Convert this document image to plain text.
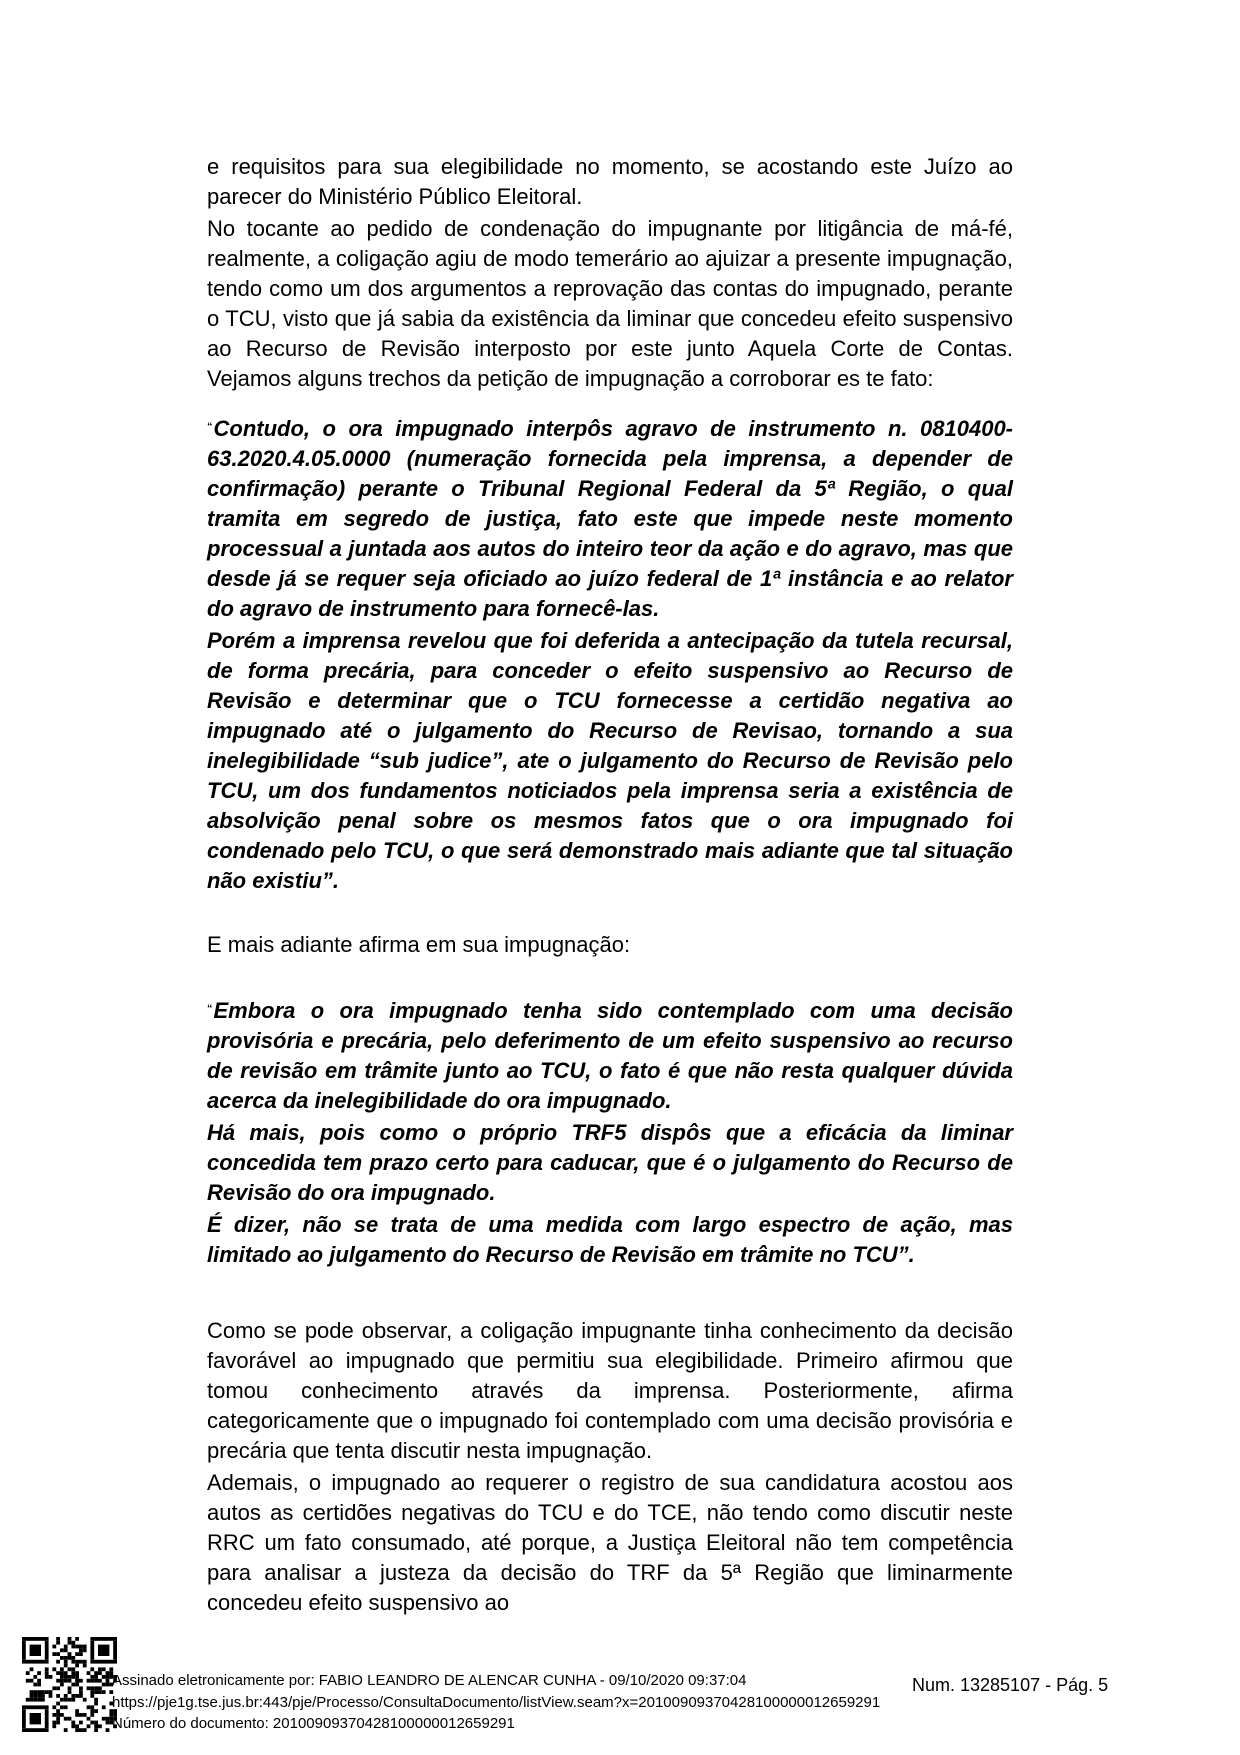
e requisitos para sua elegibilidade no momento, se acostando este Juízo ao parecer do Ministério Público Eleitoral.

No tocante ao pedido de condenação do impugnante por litigância de má-fé, realmente, a coligação agiu de modo temerário ao ajuizar a presente impugnação, tendo como um dos argumentos a reprovação das contas do impugnado, perante o TCU, visto que já sabia da existência da liminar que concedeu efeito suspensivo ao Recurso de Revisão interposto por este junto Aquela Corte de Contas. Vejamos alguns trechos da petição de impugnação a corroborar es te fato:

“Contudo, o ora impugnado interpôs agravo de instrumento n. 0810400-63.2020.4.05.0000 (numeração fornecida pela imprensa, a depender de confirmação) perante o Tribunal Regional Federal da 5ª Região, o qual tramita em segredo de justiça, fato este que impede neste momento processual a juntada aos autos do inteiro teor da ação e do agravo, mas que desde já se requer seja oficiado ao juízo federal de 1ª instância e ao relator do agravo de instrumento para fornecê-las.

Porém a imprensa revelou que foi deferida a antecipação da tutela recursal, de forma precária, para conceder o efeito suspensivo ao Recurso de Revisão e determinar que o TCU fornecesse a certidão negativa ao impugnado até o julgamento do Recurso de Revisao, tornando a sua inelegibilidade “sub judice”, ate o julgamento do Recurso de Revisão pelo TCU, um dos fundamentos noticiados pela imprensa seria a existência de absolvição penal sobre os mesmos fatos que o ora impugnado foi condenado pelo TCU, o que será demonstrado mais adiante que tal situação não existiu”.

E mais adiante afirma em sua impugnação:

“Embora o ora impugnado tenha sido contemplado com uma decisão provisória e precária, pelo deferimento de um efeito suspensivo ao recurso de revisão em trâmite junto ao TCU, o fato é que não resta qualquer dúvida acerca da inelegibilidade do ora impugnado.

Há mais, pois como o próprio TRF5 dispôs que a eficácia da liminar concedida tem prazo certo para caducar, que é o julgamento do Recurso de Revisão do ora impugnado.

É dizer, não se trata de uma medida com largo espectro de ação, mas limitado ao julgamento do Recurso de Revisão em trâmite no TCU”.

Como se pode observar, a coligação impugnante tinha conhecimento da decisão favorável ao impugnado que permitiu sua elegibilidade. Primeiro afirmou que tomou conhecimento através da imprensa. Posteriormente, afirma categoricamente que o impugnado foi contemplado com uma decisão provisória e precária que tenta discutir nesta impugnação.

Ademais, o impugnado ao requerer o registro de sua candidatura acostou aos autos as certidões negativas do TCU e do TCE, não tendo como discutir neste RRC um fato consumado, até porque, a Justiça Eleitoral não tem competência para analisar a justeza da decisão do TRF da 5ª Região que liminarmente concedeu efeito suspensivo ao

Assinado eletronicamente por: FABIO LEANDRO DE ALENCAR CUNHA - 09/10/2020 09:37:04
https://pje1g.tse.jus.br:443/pje/Processo/ConsultaDocumento/listView.seam?x=20100909370428100000012659291
Número do documento: 20100909370428100000012659291
Num. 13285107 - Pág. 5
